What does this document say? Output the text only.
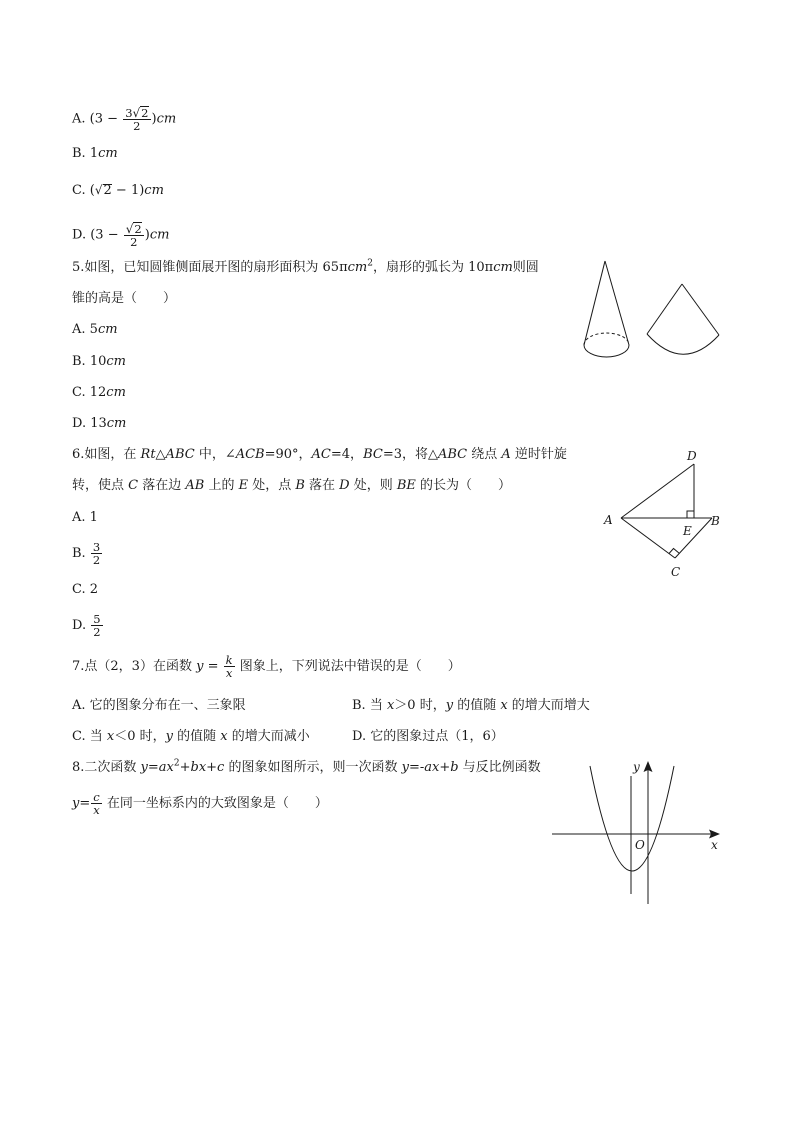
A. $(3 - \frac{3√2}{2} )cm$
B. 1cm
C. (√2 − 1)cm
D. $(3 - \frac{√2}{2} )cm$
5.如图，已知圆锥侧面展开图的扇形面积为 65πcm$^2$，扇形的弧长为 10πcm则圆
锥的高是（　　）
A. 5cm
B. 10cm
C. 12cm
D. 13cm
6.如图，在 Rt△ABC 中，∠ACB=90°，AC=4，BC=3，将△ABC 绕点 A 逆时针旋
转，使点 C 落在边 AB 上的 E 处，点 B 落在 D 处，则 BE 的长为（　　）
A. 1
B. $\frac{3}{2}$
C. 2
D. $\frac{5}{2}$
D
A
E
B
C
7.点（2，3）在函数 $y = \frac{k}{x}$ 图象上，下列说法中错误的是（　　）
A. 它的图象分布在一、三象限	B. 当 x＞0 时，y 的值随 x 的增大而增大
C. 当 x＜0 时，y 的值随 x 的增大而减小	D. 它的图象过点（1，6）
8.二次函数 $y=ax^2+bx+c$ 的图象如图所示，则一次函数 y=-ax+b 与反比例函数
$y= \frac{c}{x}$ 在同一坐标系内的大致图象是（　　）
y
x
O
